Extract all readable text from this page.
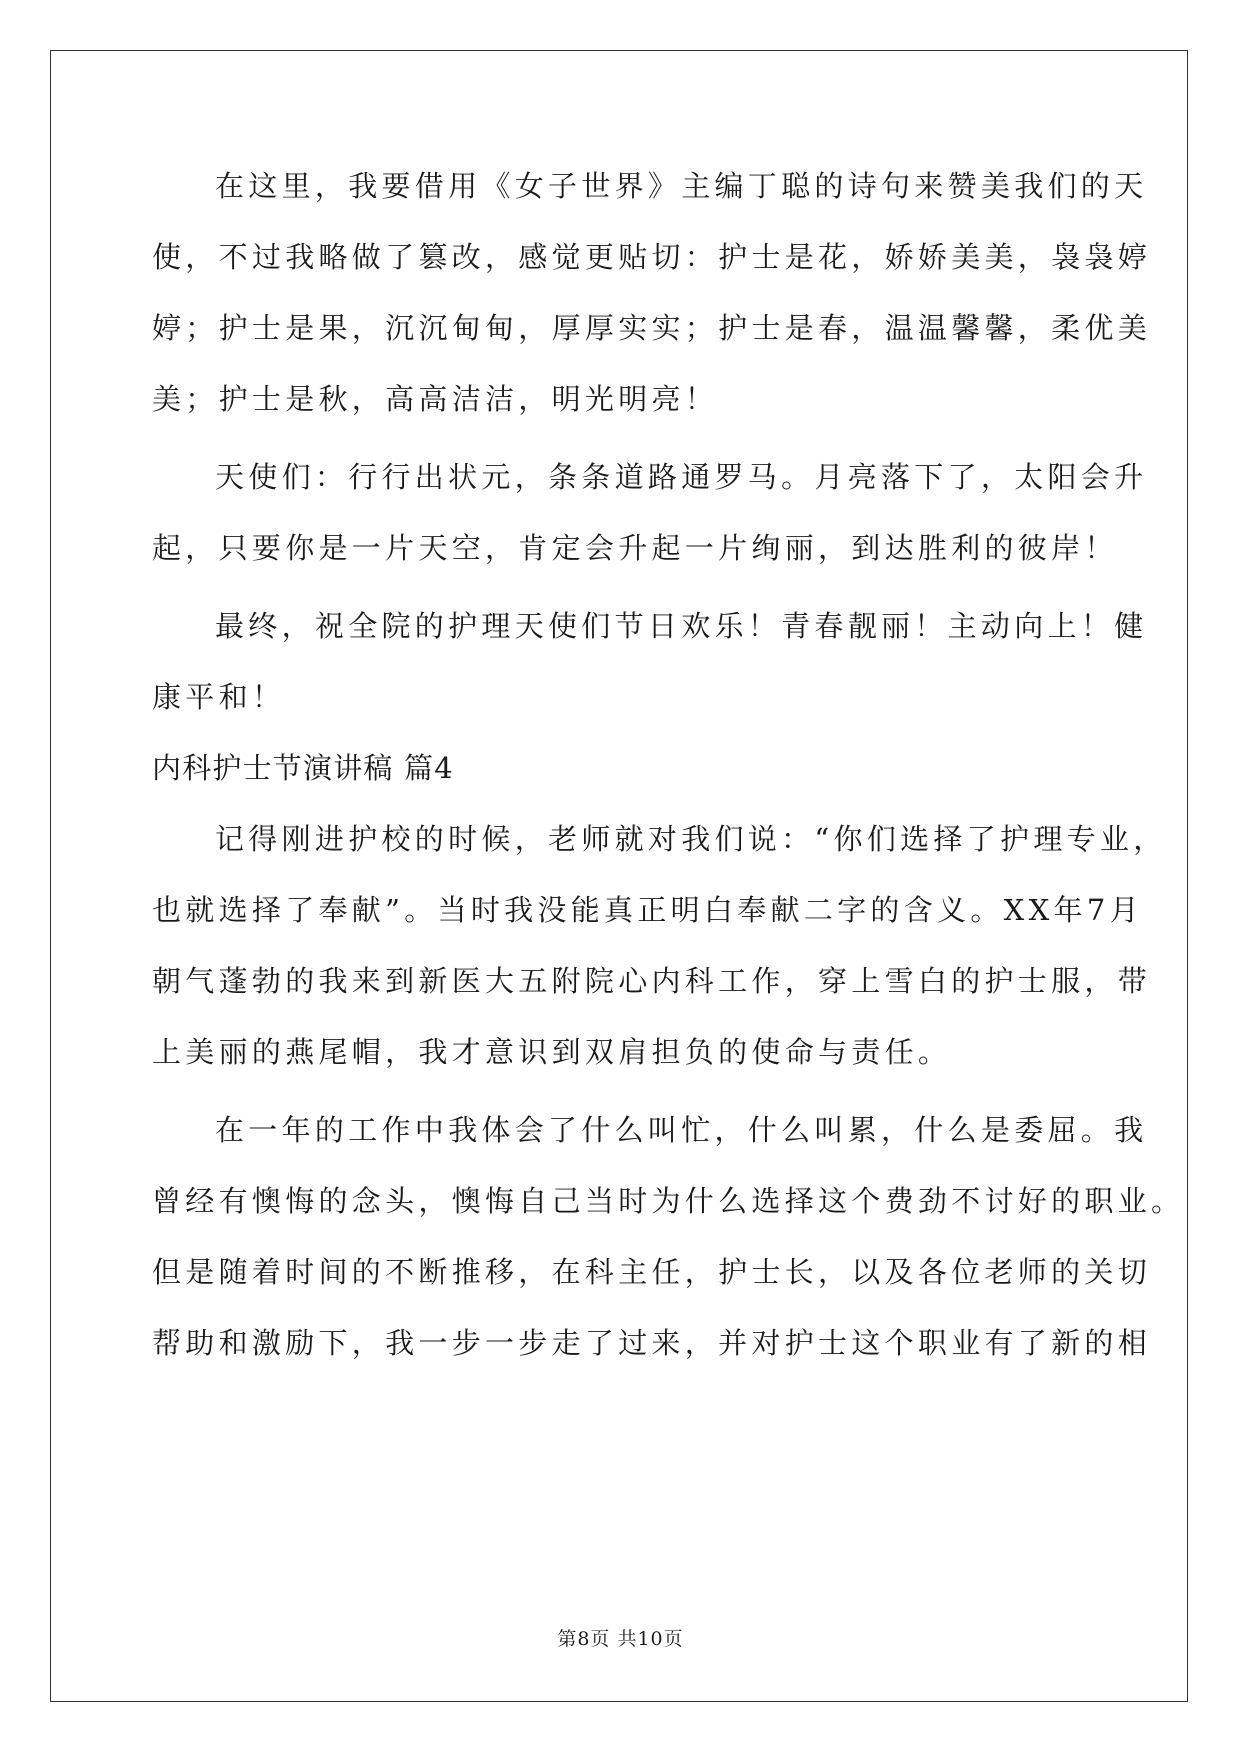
在这里，我要借用《女子世界》主编丁聪的诗句来赞美我们的天
使，不过我略做了篡改，感觉更贴切：护士是花，娇娇美美，袅袅婷
婷；护士是果，沉沉甸甸，厚厚实实；护士是春，温温馨馨，柔优美
美；护士是秋，高高洁洁，明光明亮！
天使们：行行出状元，条条道路通罗马。月亮落下了，太阳会升
起，只要你是一片天空，肯定会升起一片绚丽，到达胜利的彼岸！
最终，祝全院的护理天使们节日欢乐！青春靓丽！主动向上！健
康平和！
内科护士节演讲稿 篇4
记得刚进护校的时候，老师就对我们说：“你们选择了护理专业，
也就选择了奉献”。当时我没能真正明白奉献二字的含义。XX年7月
朝气蓬勃的我来到新医大五附院心内科工作，穿上雪白的护士服，带
上美丽的燕尾帽，我才意识到双肩担负的使命与责任。
在一年的工作中我体会了什么叫忙，什么叫累，什么是委屈。我
曾经有懊悔的念头，懊悔自己当时为什么选择这个费劲不讨好的职业。
但是随着时间的不断推移，在科主任，护士长，以及各位老师的关切
帮助和激励下，我一步一步走了过来，并对护士这个职业有了新的相
第8页 共10页
